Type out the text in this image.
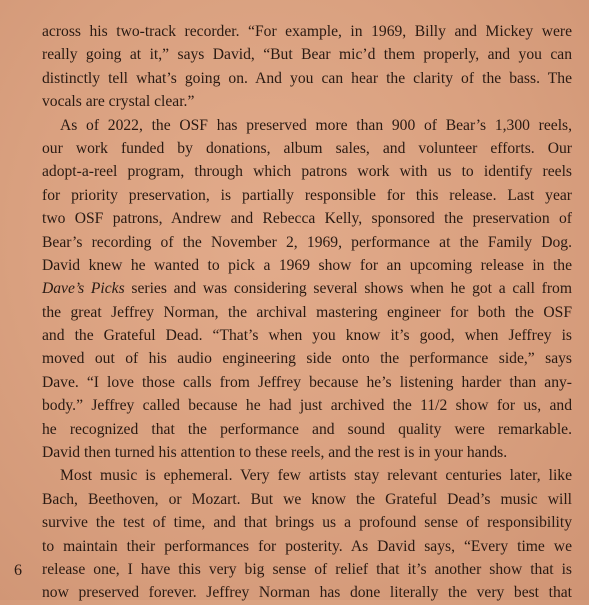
across his two-track recorder. “For example, in 1969, Billy and Mickey were
really going at it,” says David, “But Bear mic’d them properly, and you can
distinctly tell what’s going on. And you can hear the clarity of the bass. The
vocals are crystal clear.”

As of 2022, the OSF has preserved more than 900 of Bear’s 1,300 reels,
our work funded by donations, album sales, and volunteer efforts. Our
adopt-a-reel program, through which patrons work with us to identify reels
for priority preservation, is partially responsible for this release. Last year
two OSF patrons, Andrew and Rebecca Kelly, sponsored the preservation of
Bear’s recording of the November 2, 1969, performance at the Family Dog.
David knew he wanted to pick a 1969 show for an upcoming release in the
Dave’s Picks series and was considering several shows when he got a call from
the great Jeffrey Norman, the archival mastering engineer for both the OSF
and the Grateful Dead. “That’s when you know it’s good, when Jeffrey is
moved out of his audio engineering side onto the performance side,” says
Dave. “I love those calls from Jeffrey because he’s listening harder than any-
body.” Jeffrey called because he had just archived the 11/2 show for us, and
he recognized that the performance and sound quality were remarkable.
David then turned his attention to these reels, and the rest is in your hands.

Most music is ephemeral. Very few artists stay relevant centuries later, like
Bach, Beethoven, or Mozart. But we know the Grateful Dead’s music will
survive the test of time, and that brings us a profound sense of responsibility
to maintain their performances for posterity. As David says, “Every time we
release one, I have this very big sense of relief that it’s another show that is
now preserved forever. Jeffrey Norman has done literally the very best that

6
